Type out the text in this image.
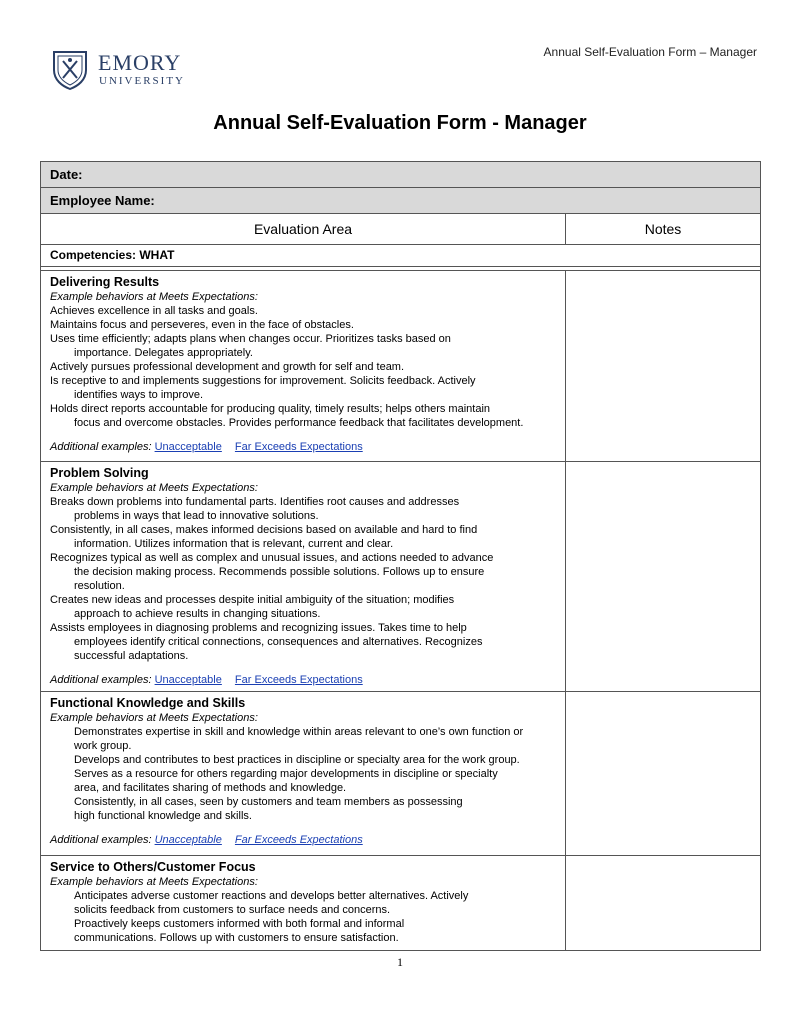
EMORY
UNIVERSITY
Annual Self-Evaluation Form – Manager
Annual Self-Evaluation Form - Manager
Date:
Employee Name:
Evaluation Area	Notes
Competencies: WHAT
Delivering Results
Example behaviors at Meets Expectations:
Achieves excellence in all tasks and goals.
Maintains focus and perseveres, even in the face of obstacles.
Uses time efficiently; adapts plans when changes occur. Prioritizes tasks based on
importance. Delegates appropriately.
Actively pursues professional development and growth for self and team.
Is receptive to and implements suggestions for improvement. Solicits feedback. Actively
identifies ways to improve.
Holds direct reports accountable for producing quality, timely results; helps others maintain
focus and overcome obstacles. Provides performance feedback that facilitates development.
Additional examples: Unacceptable Far Exceeds Expectations
Problem Solving
Example behaviors at Meets Expectations:
Breaks down problems into fundamental parts. Identifies root causes and addresses
problems in ways that lead to innovative solutions.
Consistently, in all cases, makes informed decisions based on available and hard to find
information. Utilizes information that is relevant, current and clear.
Recognizes typical as well as complex and unusual issues, and actions needed to advance
the decision making process. Recommends possible solutions. Follows up to ensure
resolution.
Creates new ideas and processes despite initial ambiguity of the situation; modifies
approach to achieve results in changing situations.
Assists employees in diagnosing problems and recognizing issues. Takes time to help
employees identify critical connections, consequences and alternatives. Recognizes
successful adaptations.
Additional examples: Unacceptable Far Exceeds Expectations
Functional Knowledge and Skills
Example behaviors at Meets Expectations:
Demonstrates expertise in skill and knowledge within areas relevant to one’s own function or
work group.
Develops and contributes to best practices in discipline or specialty area for the work group.
Serves as a resource for others regarding major developments in discipline or specialty
area, and facilitates sharing of methods and knowledge.
Consistently, in all cases, seen by customers and team members as possessing
high functional knowledge and skills.
Additional examples: Unacceptable Far Exceeds Expectations
Service to Others/Customer Focus
Example behaviors at Meets Expectations:
Anticipates adverse customer reactions and develops better alternatives. Actively
solicits feedback from customers to surface needs and concerns.
Proactively keeps customers informed with both formal and informal
communications. Follows up with customers to ensure satisfaction.
1
